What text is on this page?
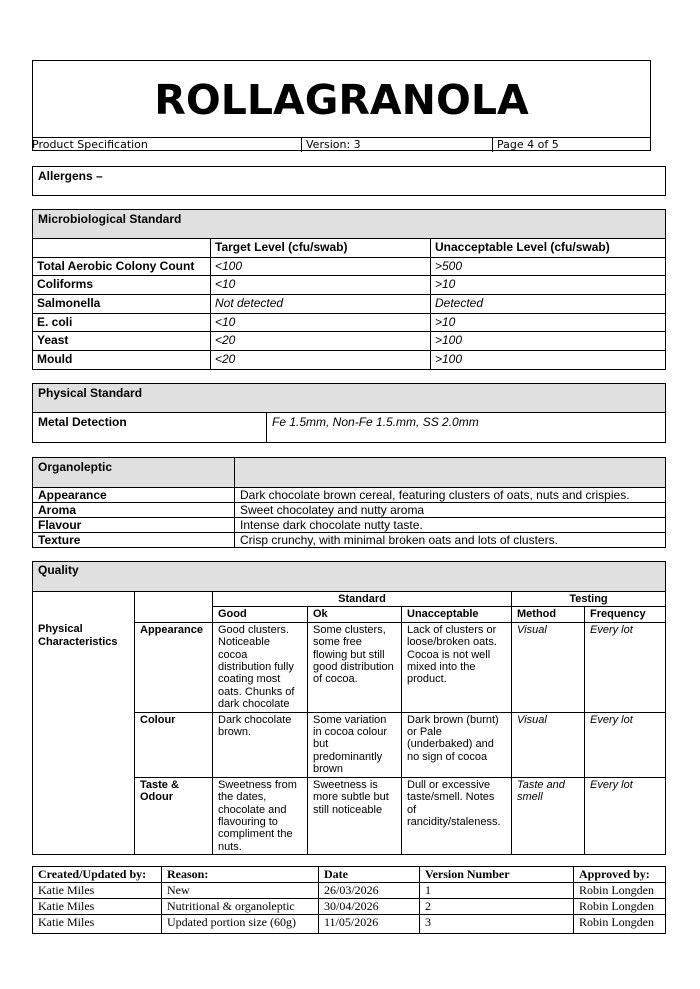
ROLLAGRANOLA
Product Specification	Version: 3	Page 4 of 5
Allergens –
Microbiological Standard		
	Target Level (cfu/swab)	Unacceptable Level (cfu/swab)
Total Aerobic Colony Count	<100	>500
Coliforms	<10	>10
Salmonella	Not detected	Detected
E. coli	<10	>10
Yeast	<20	>100
Mould	<20	>100
Physical Standard
Metal Detection	Fe 1.5mm, Non-Fe 1.5.mm, SS 2.0mm
Organoleptic	
Appearance	Dark chocolate brown cereal, featuring clusters of oats, nuts and crispies.
Aroma	Sweet chocolatey and nutty aroma
Flavour	Intense dark chocolate nutty taste.
Texture	Crisp crunchy, with minimal broken oats and lots of clusters.
Quality						
		Standard			Testing	
		Good	Ok	Unacceptable	Method	Frequency
Physical Characteristics	Appearance	Good clusters. Noticeable cocoa distribution fully coating most oats. Chunks of dark chocolate	Some clusters, some free flowing but still good distribution of cocoa.	Lack of clusters or loose/broken oats. Cocoa is not well mixed into the product.	Visual	Every lot
	Colour	Dark chocolate brown.	Some variation in cocoa colour but predominantly brown	Dark brown (burnt) or Pale (underbaked) and no sign of cocoa	Visual	Every lot
	Taste & Odour	Sweetness from the dates, chocolate and flavouring to compliment the nuts.	Sweetness is more subtle but still noticeable	Dull or excessive taste/smell. Notes of rancidity/staleness.	Taste and smell	Every lot
Created/Updated by:	Reason:	Date	Version Number	Approved by:
Katie Miles	New	26/03/2026	1	Robin Longden
Katie Miles	Nutritional & organoleptic	30/04/2026	2	Robin Longden
Katie Miles	Updated portion size (60g)	11/05/2026	3	Robin Longden
